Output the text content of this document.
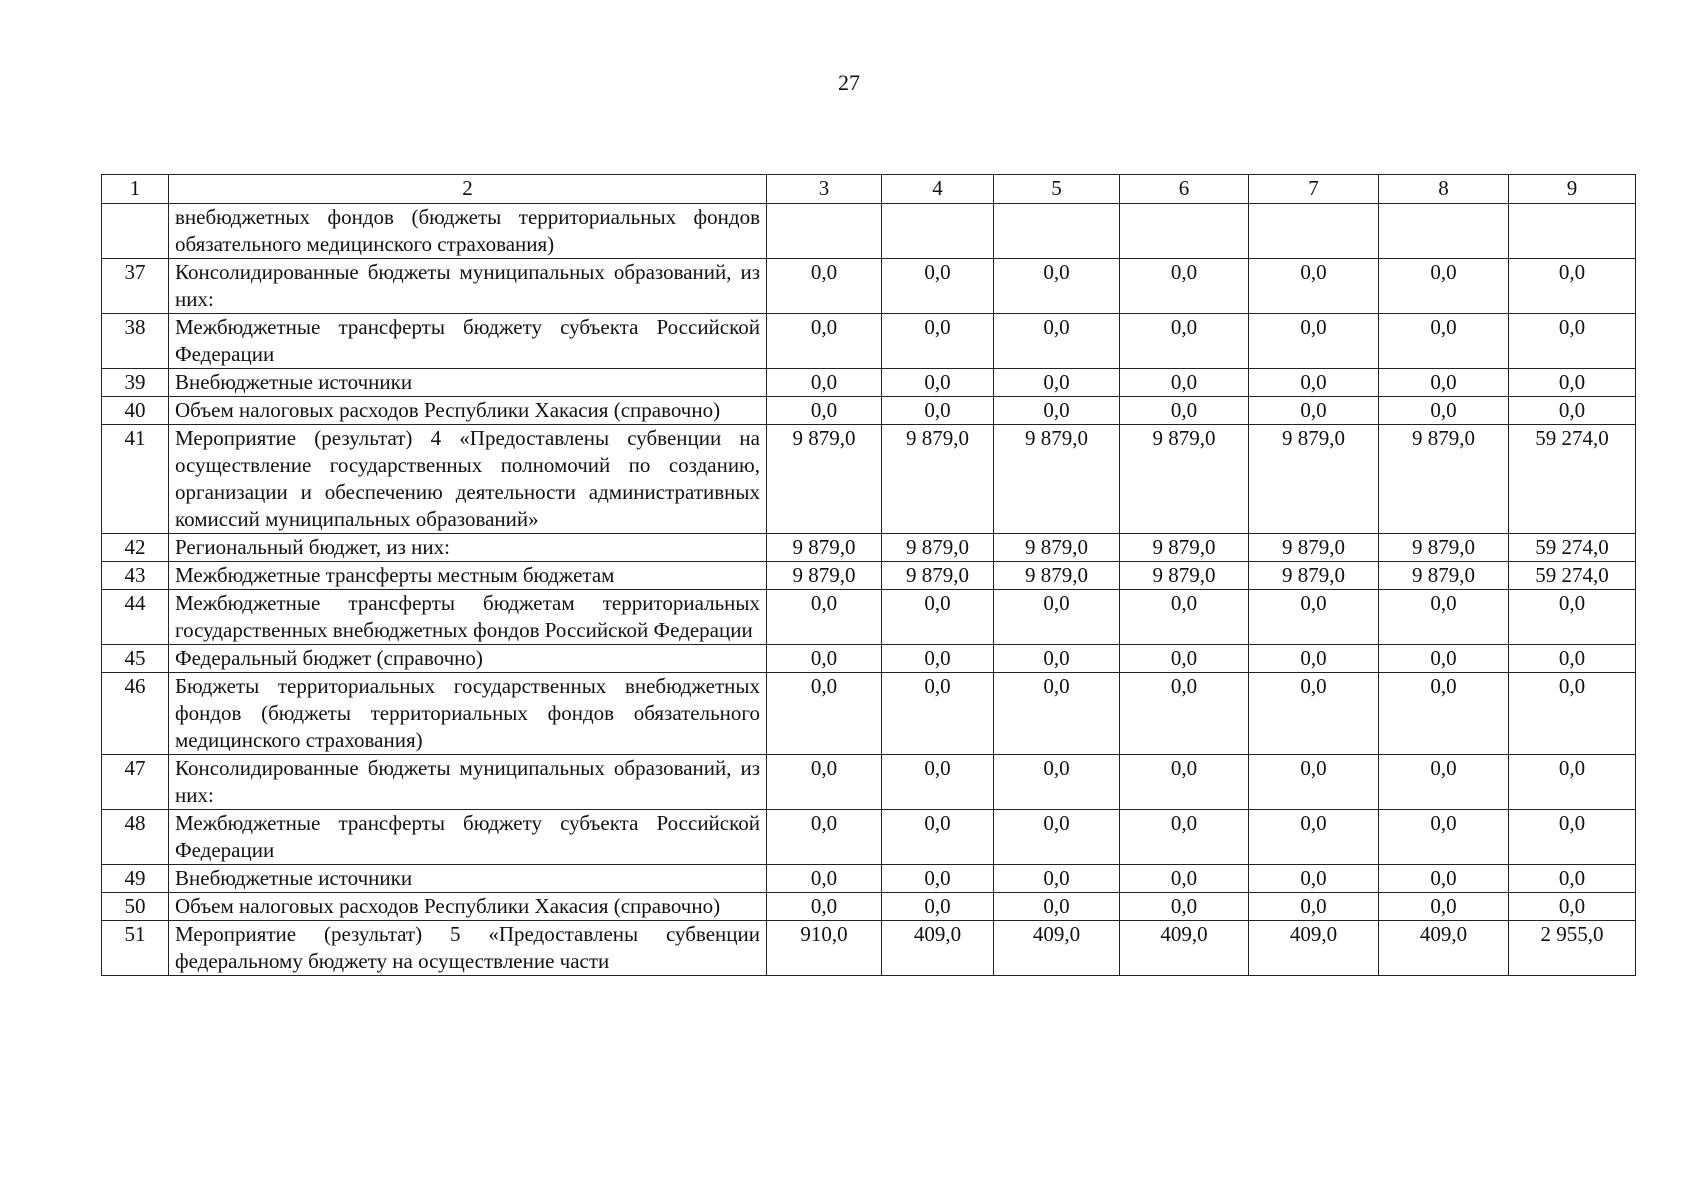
27
1	2	3	4	5	6	7	8	9
	внебюджетных фондов (бюджеты территориальных фондов обязательного медицинского страхования)							
37	Консолидированные бюджеты муниципальных образований, из них:	0,0	0,0	0,0	0,0	0,0	0,0	0,0
38	Межбюджетные трансферты бюджету субъекта Российской Федерации	0,0	0,0	0,0	0,0	0,0	0,0	0,0
39	Внебюджетные источники	0,0	0,0	0,0	0,0	0,0	0,0	0,0
40	Объем налоговых расходов Республики Хакасия (справочно)	0,0	0,0	0,0	0,0	0,0	0,0	0,0
41	Мероприятие (результат) 4 «Предоставлены субвенции на осуществление государственных полномочий по созданию, организации и обеспечению деятельности административных комиссий муниципальных образований»	9 879,0	9 879,0	9 879,0	9 879,0	9 879,0	9 879,0	59 274,0
42	Региональный бюджет, из них:	9 879,0	9 879,0	9 879,0	9 879,0	9 879,0	9 879,0	59 274,0
43	Межбюджетные трансферты местным бюджетам	9 879,0	9 879,0	9 879,0	9 879,0	9 879,0	9 879,0	59 274,0
44	Межбюджетные трансферты бюджетам территориальных государственных внебюджетных фондов Российской Федерации	0,0	0,0	0,0	0,0	0,0	0,0	0,0
45	Федеральный бюджет (справочно)	0,0	0,0	0,0	0,0	0,0	0,0	0,0
46	Бюджеты территориальных государственных внебюджетных фондов (бюджеты территориальных фондов обязательного медицинского страхования)	0,0	0,0	0,0	0,0	0,0	0,0	0,0
47	Консолидированные бюджеты муниципальных образований, из них:	0,0	0,0	0,0	0,0	0,0	0,0	0,0
48	Межбюджетные трансферты бюджету субъекта Российской Федерации	0,0	0,0	0,0	0,0	0,0	0,0	0,0
49	Внебюджетные источники	0,0	0,0	0,0	0,0	0,0	0,0	0,0
50	Объем налоговых расходов Республики Хакасия (справочно)	0,0	0,0	0,0	0,0	0,0	0,0	0,0
51	Мероприятие (результат) 5 «Предоставлены субвенции федеральному бюджету на осуществление части	910,0	409,0	409,0	409,0	409,0	409,0	2 955,0
